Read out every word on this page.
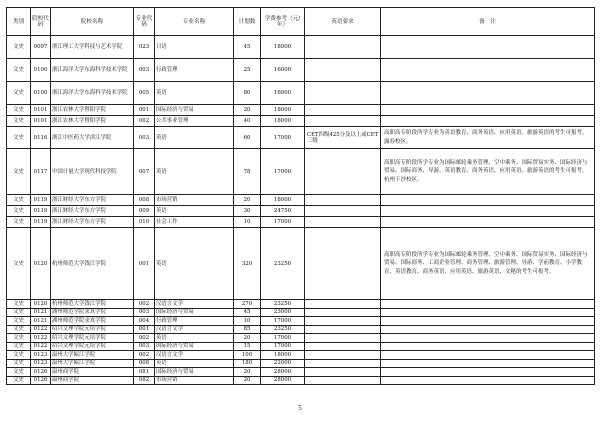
类别	院校代码	院校名称	专业代码	专业名称	计划数	学费参考（元/年）	英语要求	备　注
文史	0097	浙江理工大学科技与艺术学院	023	日语	45	18000		
文史	0100	浙江海洋大学东海科学技术学院	003	行政管理	25	16000		
文史	0100	浙江海洋大学东海科学技术学院	005	英语	80	16000		
文史	0101	浙江农林大学暨阳学院	001	国际经济与贸易	20	18000		
文史	0101	浙江农林大学暨阳学院	002	公共事业管理	40	18000		
文史	0116	浙江中医药大学滨江学院	003	英语	60	17000	CET四级425分及以上或CET三级	高职高专阶段所学专业为英语教育、商务英语、应用英语、旅游英语的考生可报考。露券校区。
文史	0117	中国计量大学现代科技学院	007	英语	78	17000		高职高专阶段所学专业为国际邮轮乘务管理、空中乘务、国际贸易实务、国际经济与贸易、国际商务、导游、英语教育、商务英语、应用英语、旅游英语的考生可报考。杭州下沙校区。
文史	0119	浙江财经大学东方学院	008	市场营销	20	18000		
文史	0119	浙江财经大学东方学院	009	英语	30	24750		
文史	0119	浙江财经大学东方学院	010	社会工作	10	17000		
文史	0120	杭州师范大学钱江学院	001	英语	320	23250		高职高专阶段所学专业为国际邮轮乘务管理、空中乘务、国际贸易实务、国际经济与贸易、国际商务、工商企业管理、商务管理、旅游管理、导游、学前教育、小学教育、英语教育、商务英语、应用英语、旅游英语、文秘的考生可报考。
文史	0120	杭州师范大学钱江学院	002	汉语言文学	270	23250		
文史	0121	湖州师范学院求真学院	003	国际经济与贸易	45	23000		
文史	0121	湖州师范学院求真学院	004	行政管理	10	17000		
文史	0122	绍兴文理学院元培学院	001	汉语言文学	85	23250		
文史	0122	绍兴文理学院元培学院	002	英语	20	17000		
文史	0122	绍兴文理学院元培学院	003	国际经济与贸易	15	17000		
文史	0123	温州大学瓯江学院	002	汉语言文学	100	18000		
文史	0123	温州大学瓯江学院	008	英语	180	22000		
文史	0126	温州商学院	081	国际经济与贸易	20	28000		
文史	0126	温州商学院	082	市场营销	20	28000		
5
